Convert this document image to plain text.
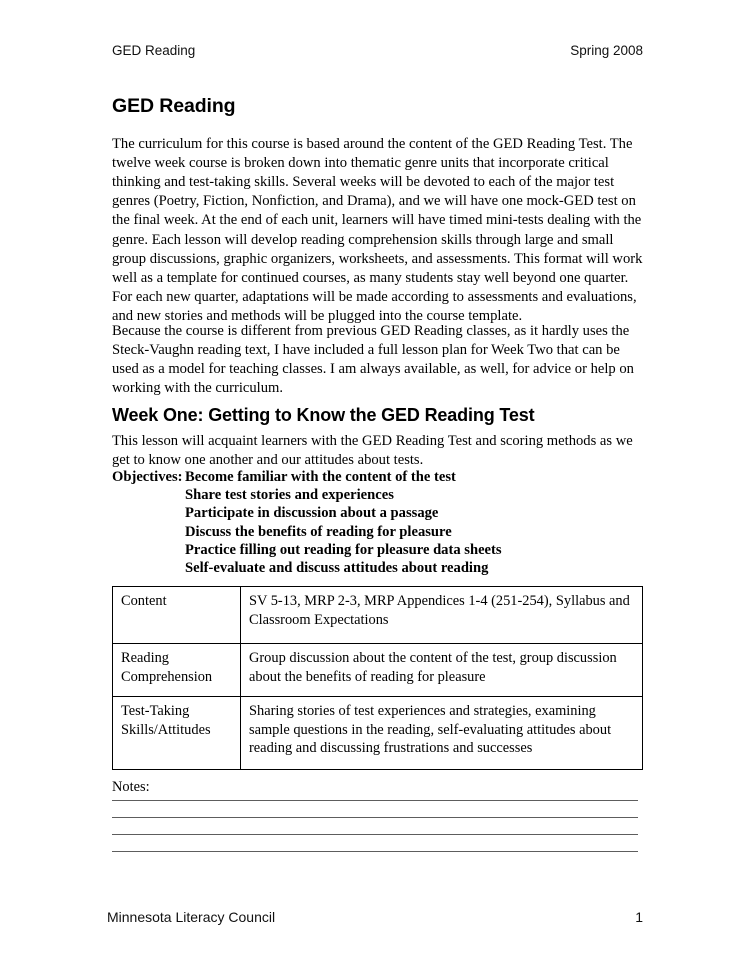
GED Reading	Spring 2008
GED Reading

The curriculum for this course is based around the content of the GED Reading Test. The twelve week course is broken down into thematic genre units that incorporate critical thinking and test-taking skills. Several weeks will be devoted to each of the major test genres (Poetry, Fiction, Nonfiction, and Drama), and we will have one mock-GED test on the final week. At the end of each unit, learners will have timed mini-tests dealing with the genre. Each lesson will develop reading comprehension skills through large and small group discussions, graphic organizers, worksheets, and assessments. This format will work well as a template for continued courses, as many students stay well beyond one quarter. For each new quarter, adaptations will be made according to assessments and evaluations, and new stories and methods will be plugged into the course template.

Because the course is different from previous GED Reading classes, as it hardly uses the Steck-Vaughn reading text, I have included a full lesson plan for Week Two that can be used as a model for teaching classes. I am always available, as well, for advice or help on working with the curriculum.

Week One: Getting to Know the GED Reading Test

This lesson will acquaint learners with the GED Reading Test and scoring methods as we get to know one another and our attitudes about tests.

Objectives: Become familiar with the content of the test
Share test stories and experiences
Participate in discussion about a passage
Discuss the benefits of reading for pleasure
Practice filling out reading for pleasure data sheets
Self-evaluate and discuss attitudes about reading
Content	SV 5-13, MRP 2-3, MRP Appendices 1-4 (251-254), Syllabus and Classroom Expectations

Reading Comprehension	Group discussion about the content of the test, group discussion about the benefits of reading for pleasure

Test-Taking Skills/Attitudes	Sharing stories of test experiences and strategies, examining sample questions in the reading, self-evaluating attitudes about reading and discussing frustrations and successes
Notes:
Minnesota Literacy Council	1
